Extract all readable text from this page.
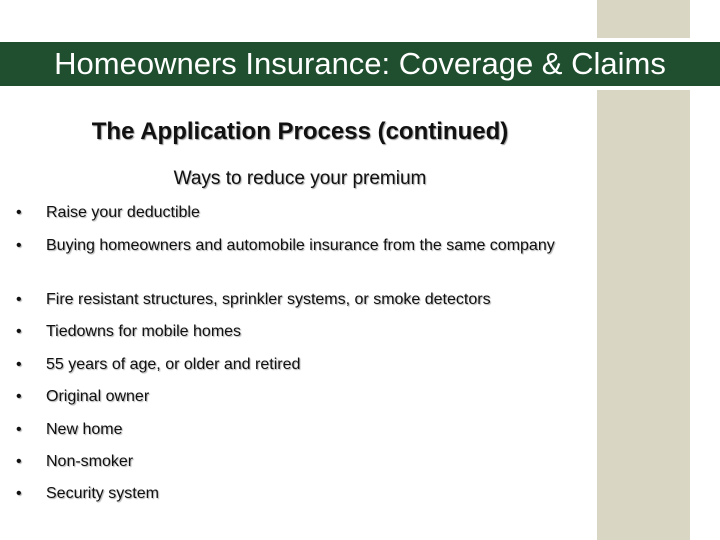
Homeowners Insurance: Coverage & Claims
The Application Process (continued)
Ways to reduce your premium
•	Raise your deductible
•	Buying homeowners and automobile insurance from the same company
•	Fire resistant structures, sprinkler systems, or smoke detectors
•	Tiedowns for mobile homes
•	55 years of age, or older and retired
•	Original owner
•	New home
•	Non-smoker
•	Security system
